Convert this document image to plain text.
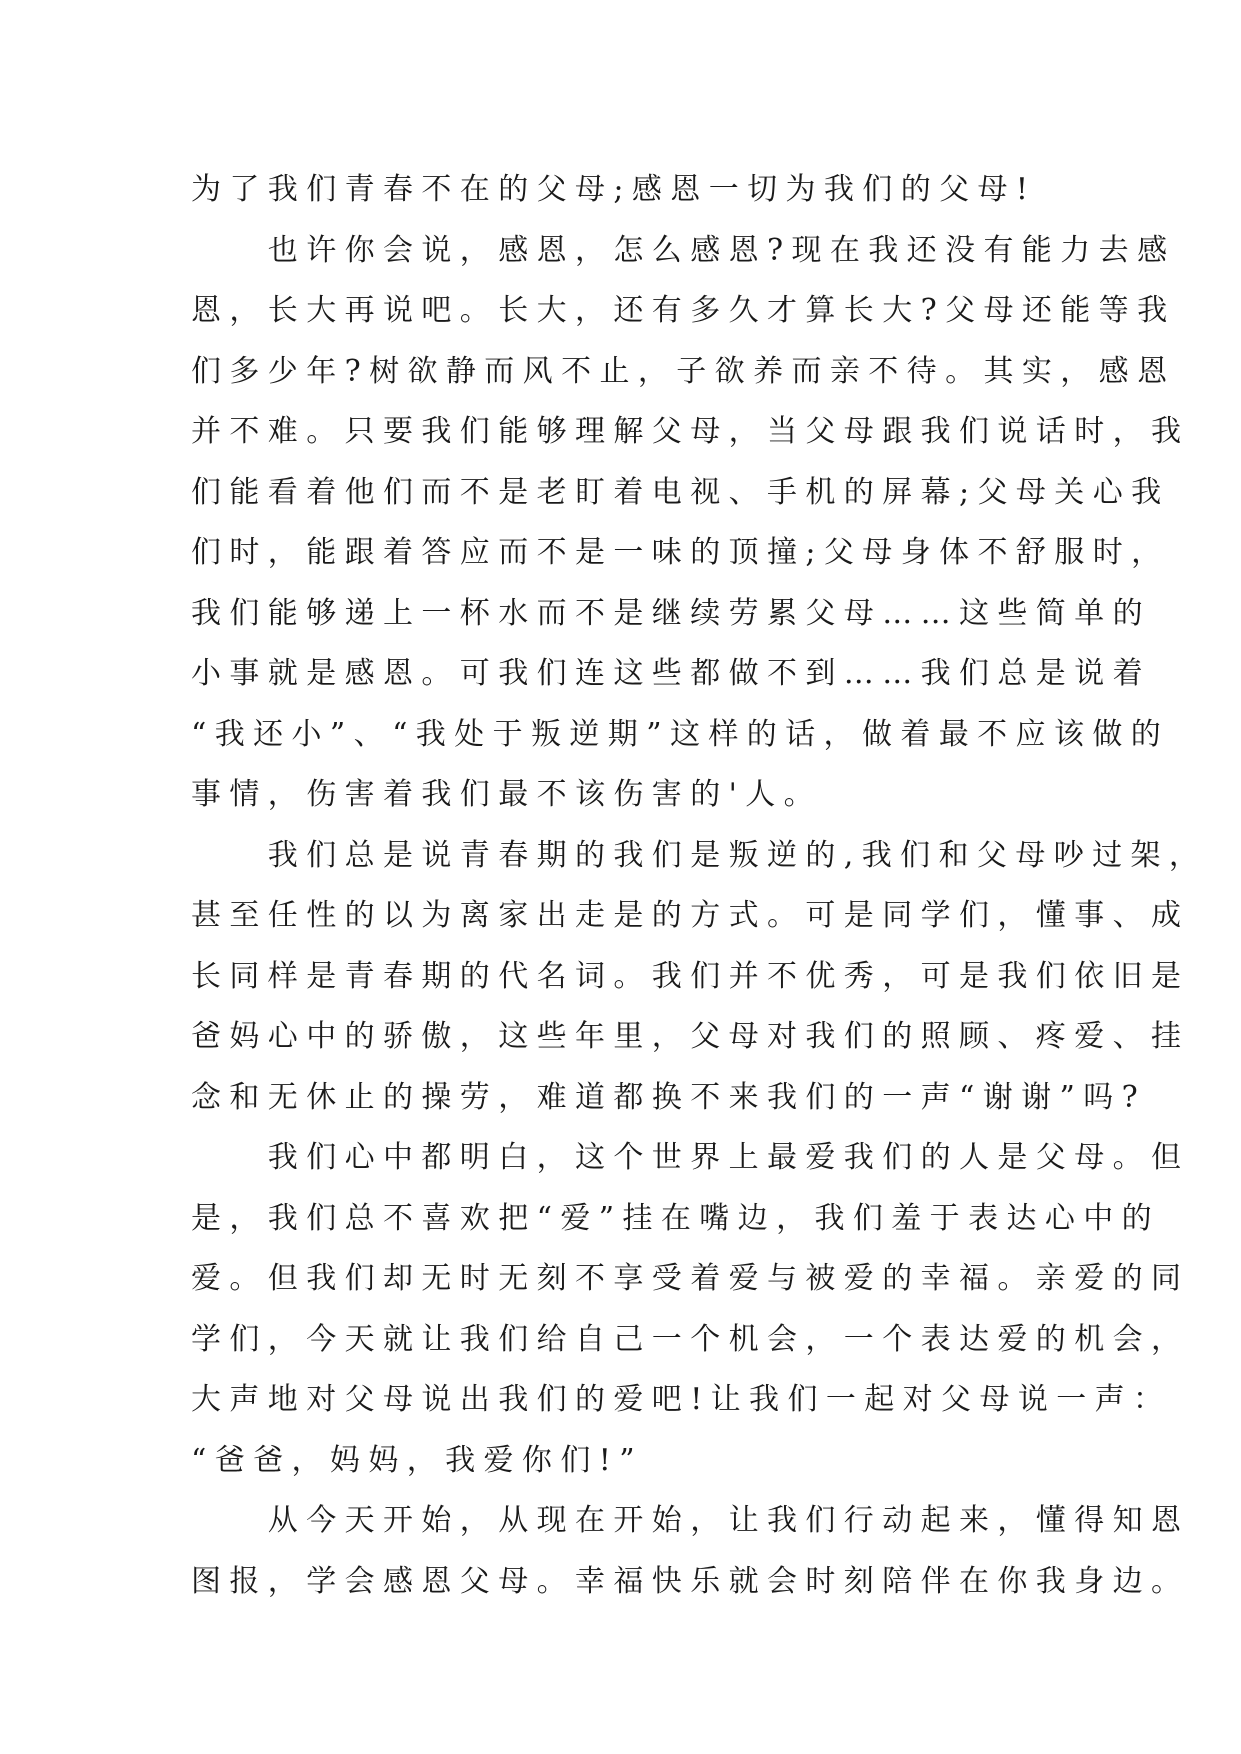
为了我们青春不在的父母;感恩一切为我们的父母!
　　也许你会说，感恩，怎么感恩?现在我还没有能力去感
恩，长大再说吧。长大，还有多久才算长大?父母还能等我
们多少年?树欲静而风不止，子欲养而亲不待。其实，感恩
并不难。只要我们能够理解父母，当父母跟我们说话时，我
们能看着他们而不是老盯着电视、手机的屏幕;父母关心我
们时，能跟着答应而不是一味的顶撞;父母身体不舒服时，
我们能够递上一杯水而不是继续劳累父母……这些简单的
小事就是感恩。可我们连这些都做不到……我们总是说着
“我还小”、“我处于叛逆期”这样的话，做着最不应该做的
事情，伤害着我们最不该伤害的'人。
　　我们总是说青春期的我们是叛逆的,我们和父母吵过架，
甚至任性的以为离家出走是的方式。可是同学们，懂事、成
长同样是青春期的代名词。我们并不优秀，可是我们依旧是
爸妈心中的骄傲，这些年里，父母对我们的照顾、疼爱、挂
念和无休止的操劳，难道都换不来我们的一声“谢谢”吗?
　　我们心中都明白，这个世界上最爱我们的人是父母。但
是，我们总不喜欢把“爱”挂在嘴边，我们羞于表达心中的
爱。但我们却无时无刻不享受着爱与被爱的幸福。亲爱的同
学们，今天就让我们给自己一个机会，一个表达爱的机会，
大声地对父母说出我们的爱吧!让我们一起对父母说一声：
“爸爸，妈妈，我爱你们!”
　　从今天开始，从现在开始，让我们行动起来，懂得知恩
图报，学会感恩父母。幸福快乐就会时刻陪伴在你我身边。
